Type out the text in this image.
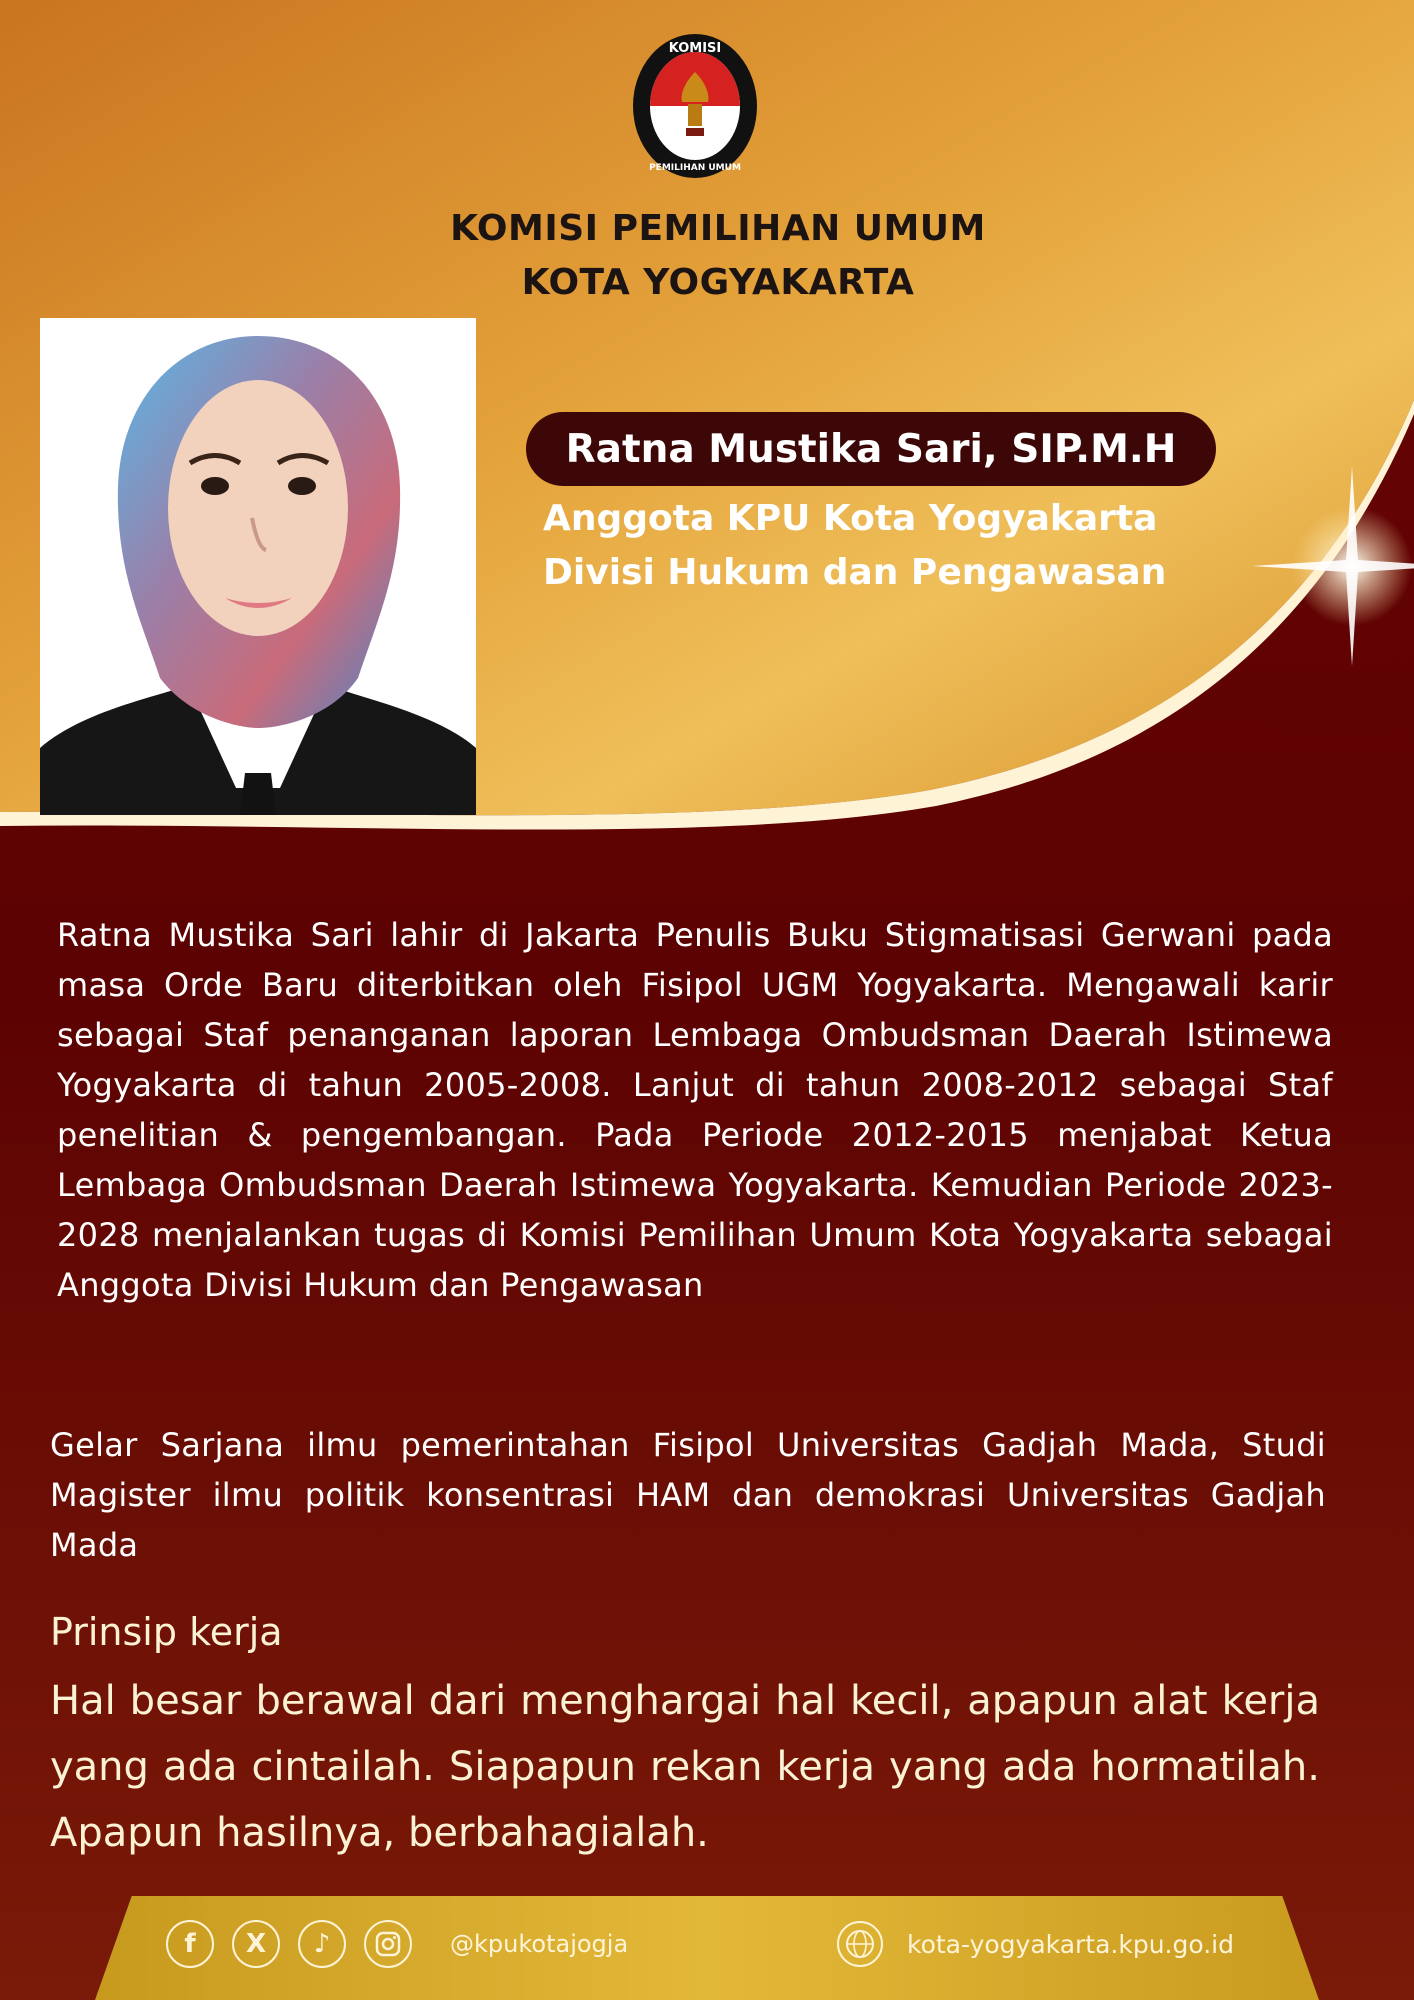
KOMISI
PEMILIHAN UMUM
KOMISI PEMILIHAN UMUM
KOTA YOGYAKARTA
Ratna Mustika Sari, SIP.M.H
Anggota KPU Kota Yogyakarta
Divisi Hukum dan Pengawasan

Ratna Mustika Sari lahir di Jakarta Penulis Buku Stigmatisasi Gerwani pada masa Orde Baru diterbitkan oleh Fisipol UGM Yogyakarta. Mengawali karir sebagai Staf penanganan laporan Lembaga Ombudsman Daerah Istimewa Yogyakarta di tahun 2005-2008. Lanjut di tahun 2008-2012 sebagai Staf penelitian & pengembangan. Pada Periode 2012-2015 menjabat Ketua Lembaga Ombudsman Daerah Istimewa Yogyakarta. Kemudian Periode 2023-2028 menjalankan tugas di Komisi Pemilihan Umum Kota Yogyakarta sebagai Anggota Divisi Hukum dan Pengawasan

Gelar Sarjana ilmu pemerintahan Fisipol Universitas Gadjah Mada, Studi Magister ilmu politik konsentrasi HAM dan demokrasi Universitas Gadjah Mada

Prinsip kerja

Hal besar berawal dari menghargai hal kecil, apapun alat kerja yang ada cintailah. Siapapun rekan kerja yang ada hormatilah. Apapun hasilnya, berbahagialah.

f	X	♪	@kpukotajogja	kota-yogyakarta.kpu.go.id
